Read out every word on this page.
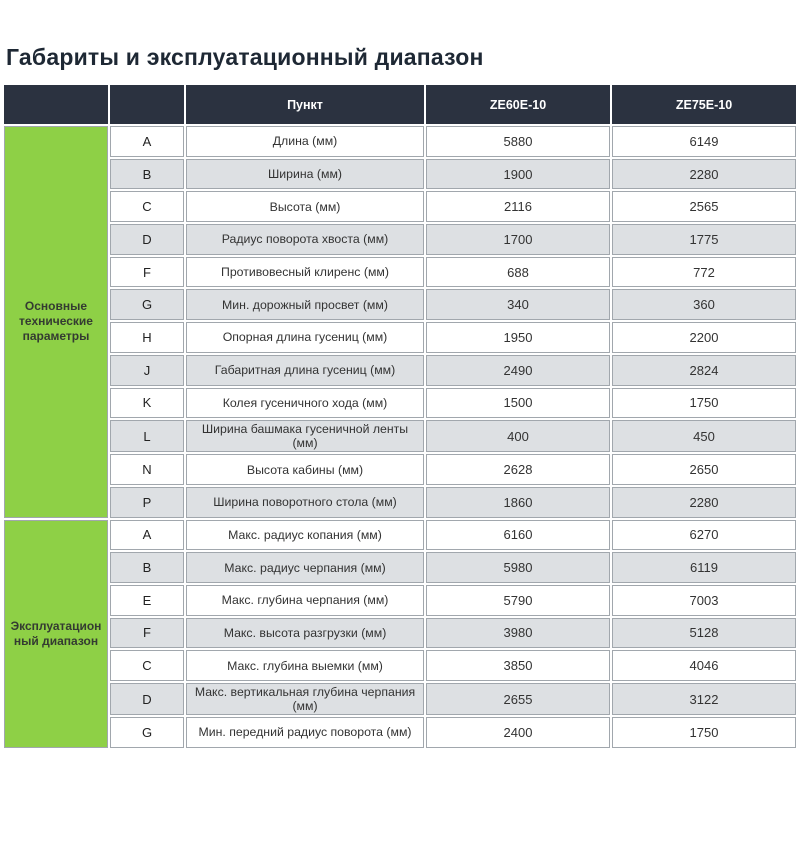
Габариты и эксплуатационный диапазон
		Пункт	ZE60E-10	ZE75E-10
Основные технические параметры	A	Длина (мм)	5880	6149
	B	Ширина (мм)	1900	2280
	C	Высота (мм)	2116	2565
	D	Радиус поворота хвоста (мм)	1700	1775
	F	Противовесный клиренс (мм)	688	772
	G	Мин. дорожный просвет (мм)	340	360
	H	Опорная длина гусениц (мм)	1950	2200
	J	Габаритная длина гусениц (мм)	2490	2824
	K	Колея гусеничного хода (мм)	1500	1750
	L	Ширина башмака гусеничной ленты (мм)	400	450
	N	Высота кабины (мм)	2628	2650
	P	Ширина поворотного стола (мм)	1860	2280
Эксплуатационный диапазон	A	Макс. радиус копания (мм)	6160	6270
	B	Макс. радиус черпания (мм)	5980	6119
	E	Макс. глубина черпания (мм)	5790	7003
	F	Макс. высота разгрузки (мм)	3980	5128
	C	Макс. глубина выемки (мм)	3850	4046
	D	Макс. вертикальная глубина черпания (мм)	2655	3122
	G	Мин. передний радиус поворота (мм)	2400	1750
